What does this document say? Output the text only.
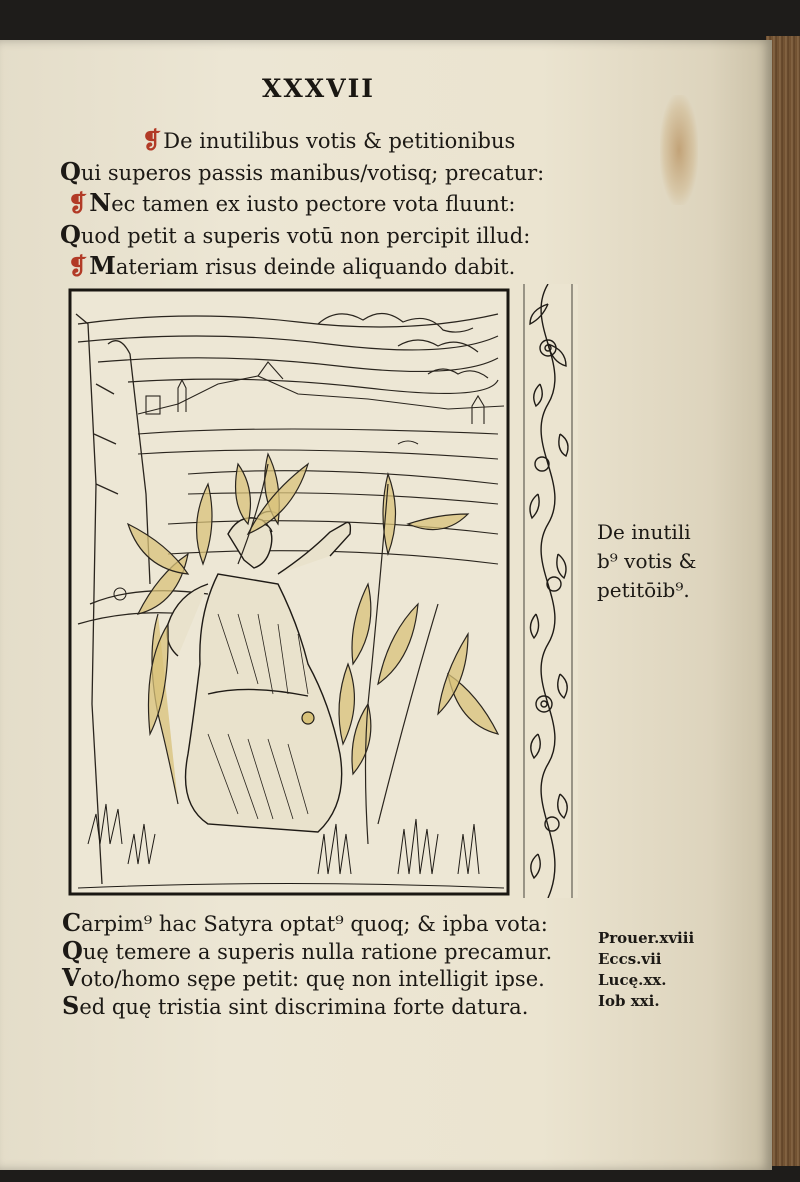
XXXVII
❡ De inutilibus votis & petitionibus
Q ui superos passis manibus/votisq; precatur:
❡ N ec tamen ex iusto pectore vota fluunt:
Q uod petit a superis votū non percipit illud:
❡ M ateriam risus deinde aliquando dabit.
De inutili
b⁹ votis &
petitōib⁹.
C arpim⁹ hac Satyra optat⁹ quoq; & ipba vota:
Q uę temere a superis nulla ratione precamur.
V oto/homo sępe petit: quę non intelligit ipse.
S ed quę tristia sint discrimina forte datura.
Prouer.xviii
Eccs.vii
Lucę.xx.
Iob xxi.
